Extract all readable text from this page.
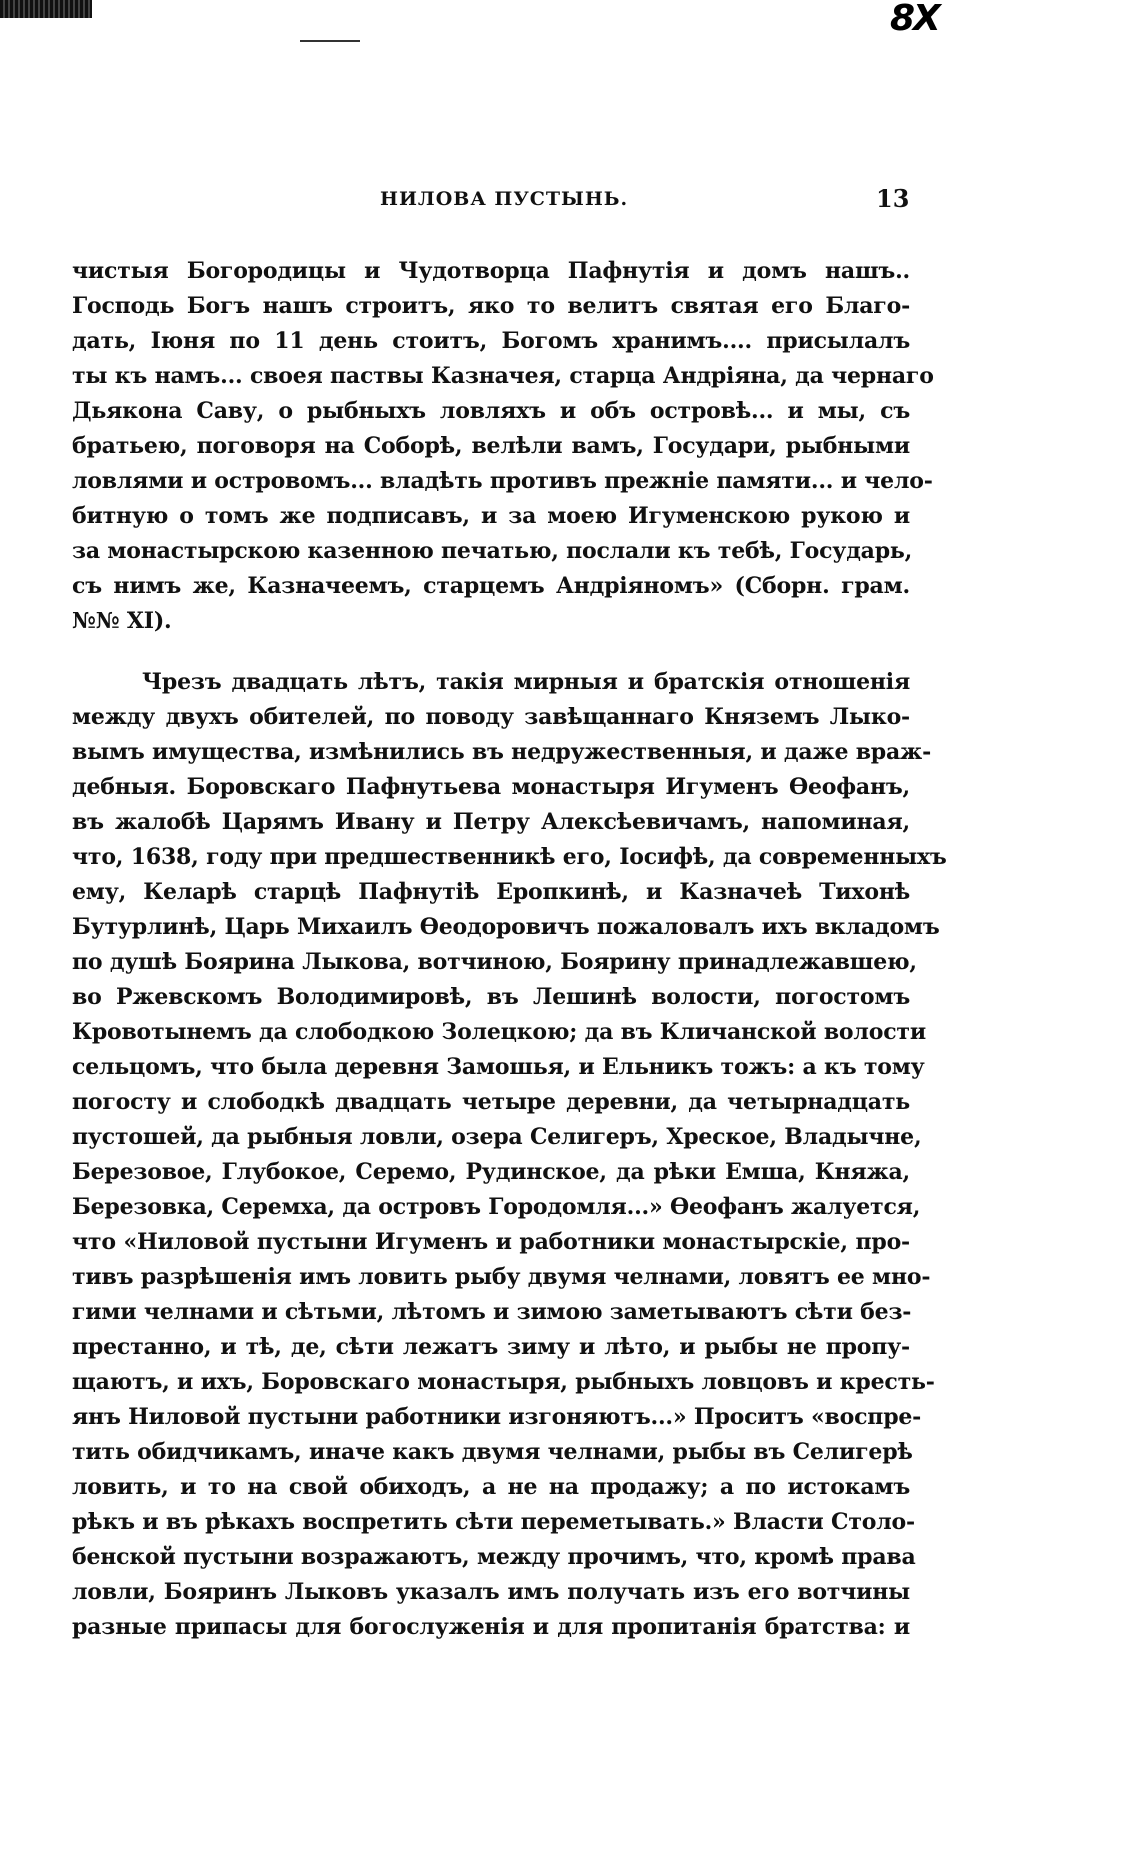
8X
НИЛОВА ПУСТЫНЬ.	13
чистыя Богородицы и Чудотворца Пафнутія и домъ нашъ..
Господь Богъ нашъ строитъ, яко то велитъ святая его Благо-
дать, Іюня по 11 день стоитъ, Богомъ хранимъ.... присылалъ
ты къ намъ... своея паствы Казначея, старца Андріяна, да чернаго
Дьякона Саву, о рыбныхъ ловляхъ и объ островѣ... и мы, съ
братьею, поговоря на Соборѣ, велѣли вамъ, Государи, рыбными
ловлями и островомъ... владѣть противъ прежніе памяти... и чело-
битную о томъ же подписавъ, и за моею Игуменскою рукою и
за монастырскою казенною печатью, послали къ тебѣ, Государь,
съ нимъ же, Казначеемъ, старцемъ Андріяномъ» (Сборн. грам.
№№ XI).
Чрезъ двадцать лѣтъ, такія мирныя и братскія отношенія
между двухъ обителей, по поводу завѣщаннаго Княземъ Лыко-
вымъ имущества, измѣнились въ недружественныя, и даже враж-
дебныя. Боровскаго Пафнутьева монастыря Игуменъ Ѳеофанъ,
въ жалобѣ Царямъ Ивану и Петру Алексѣевичамъ, напоминая,
что, 1638, году при предшественникѣ его, Іосифѣ, да современныхъ
ему, Келарѣ старцѣ Пафнутіѣ Еропкинѣ, и Казначеѣ Тихонѣ
Бутурлинѣ, Царь Михаилъ Ѳеодоровичъ пожаловалъ ихъ вкладомъ
по душѣ Боярина Лыкова, вотчиною, Боярину принадлежавшею,
во Ржевскомъ Володимировѣ, въ Лешинѣ волости, погостомъ
Кровотынемъ да слободкою Золецкою; да въ Кличанской волости
сельцомъ, что была деревня Замошья, и Ельникъ тожъ: а къ тому
погосту и слободкѣ двадцать четыре деревни, да четырнадцать
пустошей, да рыбныя ловли, озера Селигеръ, Хреское, Владычне,
Березовое, Глубокое, Серемо, Рудинское, да рѣки Емша, Княжа,
Березовка, Серемха, да островъ Городомля...» Ѳеофанъ жалуется,
что «Ниловой пустыни Игуменъ и работники монастырскіе, про-
тивъ разрѣшенія имъ ловить рыбу двумя челнами, ловятъ ее мно-
гими челнами и сѣтьми, лѣтомъ и зимою заметываютъ сѣти без-
престанно, и тѣ, де, сѣти лежатъ зиму и лѣто, и рыбы не пропу-
щаютъ, и ихъ, Боровскаго монастыря, рыбныхъ ловцовъ и кресть-
янъ Ниловой пустыни работники изгоняютъ...» Проситъ «воспре-
тить обидчикамъ, иначе какъ двумя челнами, рыбы въ Селигерѣ
ловить, и то на свой обиходъ, а не на продажу; а по истокамъ
рѣкъ и въ рѣкахъ воспретить сѣти переметывать.» Власти Столо-
бенской пустыни возражаютъ, между прочимъ, что, кромѣ права
ловли, Бояринъ Лыковъ указалъ имъ получать изъ его вотчины
разные припасы для богослуженія и для пропитанія братства: и
